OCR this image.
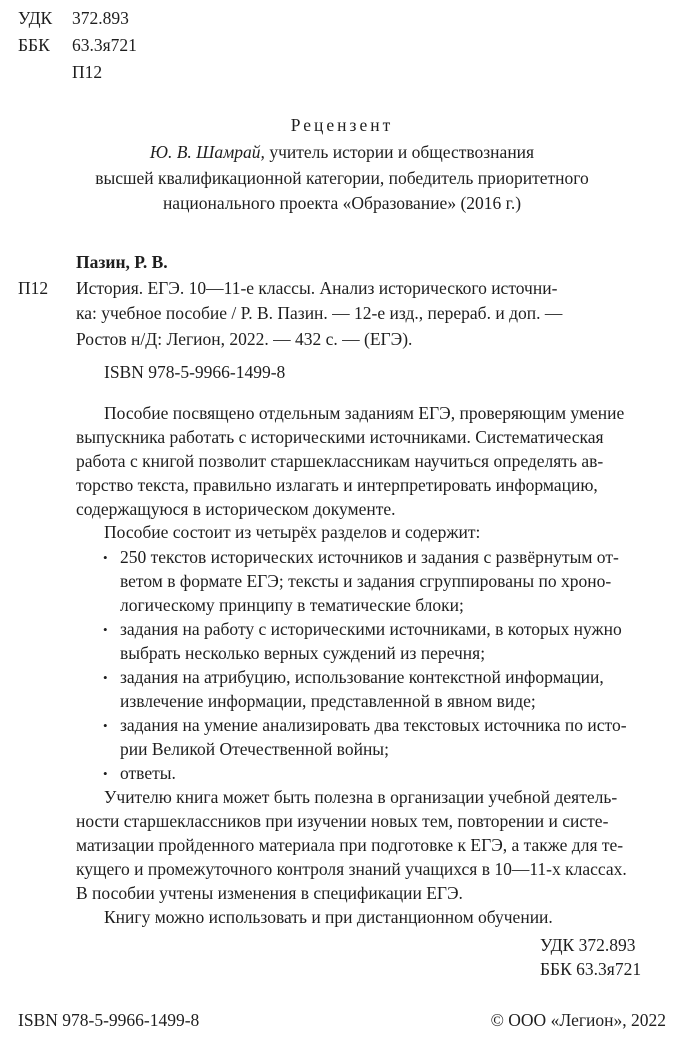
УДК 372.893
ББК 63.3я721
П12
Рецензент
Ю. В. Шамрай, учитель истории и обществознания
высшей квалификационной категории, победитель приоритетного
национального проекта «Образование» (2016 г.)
Пазин, Р. В.
П12 История. ЕГЭ. 10—11-е классы. Анализ исторического источни-
ка: учебное пособие / Р. В. Пазин. — 12-е изд., перераб. и доп. —
Ростов н/Д: Легион, 2022. — 432 с. — (ЕГЭ).
ISBN 978-5-9966-1499-8
Пособие посвящено отдельным заданиям ЕГЭ, проверяющим умение
выпускника работать с историческими источниками. Систематическая
работа с книгой позволит старшеклассникам научиться определять ав-
торство текста, правильно излагать и интерпретировать информацию,
содержащуюся в историческом документе.
Пособие состоит из четырёх разделов и содержит:
• 250 текстов исторических источников и задания с развёрнутым от-
ветом в формате ЕГЭ; тексты и задания сгруппированы по хроно-
логическому принципу в тематические блоки;
• задания на работу с историческими источниками, в которых нужно
выбрать несколько верных суждений из перечня;
• задания на атрибуцию, использование контекстной информации,
извлечение информации, представленной в явном виде;
• задания на умение анализировать два текстовых источника по исто-
рии Великой Отечественной войны;
• ответы.
Учителю книга может быть полезна в организации учебной деятель-
ности старшеклассников при изучении новых тем, повторении и систе-
матизации пройденного материала при подготовке к ЕГЭ, а также для те-
кущего и промежуточного контроля знаний учащихся в 10—11-х классах.
В пособии учтены изменения в спецификации ЕГЭ.
Книгу можно использовать и при дистанционном обучении.
УДК 372.893
ББК 63.3я721
ISBN 978-5-9966-1499-8	© ООО «Легион», 2022
